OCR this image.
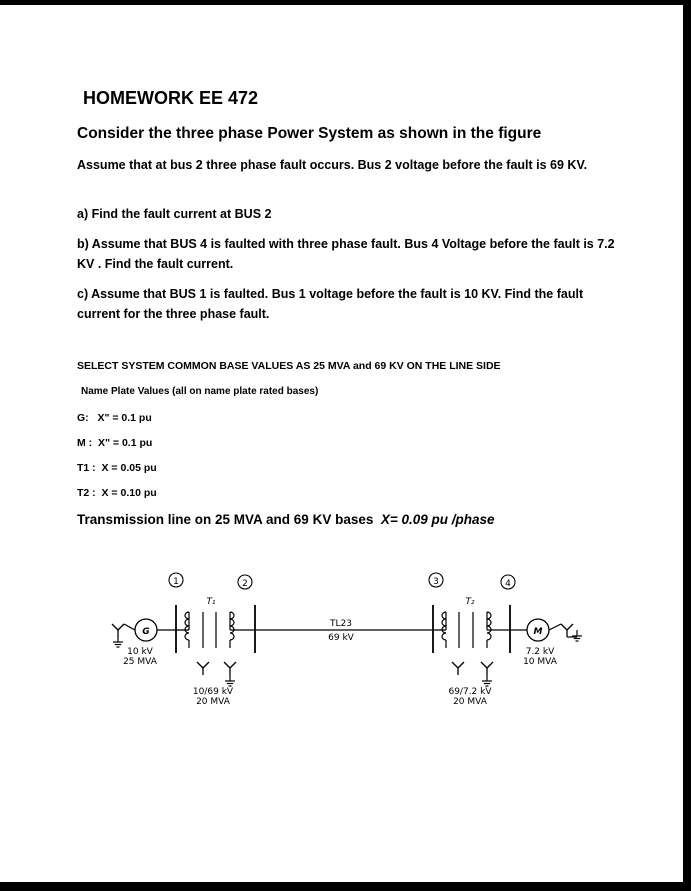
HOMEWORK EE 472
Consider the three phase Power System as shown in the figure
Assume that at bus 2 three phase fault occurs. Bus 2 voltage before the fault is 69 KV.
a) Find the fault current at BUS 2
b) Assume that BUS 4 is faulted with three phase fault. Bus 4 Voltage before the fault is 7.2 KV . Find the fault current.
c) Assume that BUS 1 is faulted. Bus 1 voltage before the fault is 10 KV. Find the fault current for the three phase fault.
SELECT SYSTEM COMMON BASE VALUES AS 25 MVA and 69 KV ON THE LINE SIDE
Name Plate Values (all on name plate rated bases)
G: X" = 0.1 pu
M : X" = 0.1 pu
T1 : X = 0.05 pu
T2 : X = 0.10 pu
Transmission line on 25 MVA and 69 KV bases X= 0.09 pu /phase
G
1
T₁
10/69 kV
20 MVA
2
TL23
69 kV
3
T₂
69/7.2 kV
20 MVA
4
M
10 kV
25 MVA
7.2 kV
10 MVA
